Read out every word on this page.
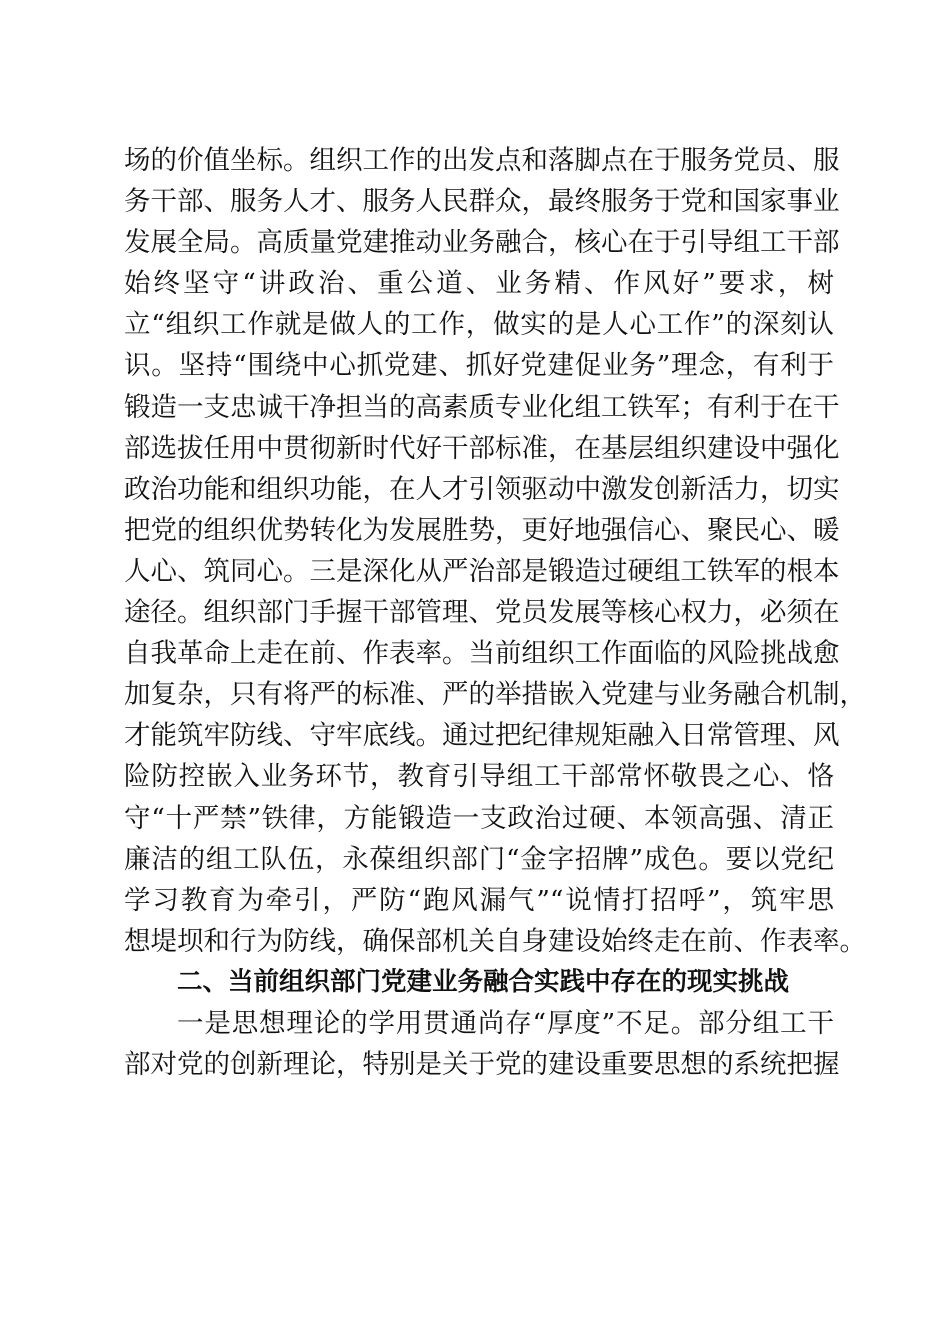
场的价值坐标。组织工作的出发点和落脚点在于服务党员、服
务干部、服务人才、服务人民群众，最终服务于党和国家事业
发展全局。高质量党建推动业务融合，核心在于引导组工干部
始终坚守“讲政治、重公道、业务精、作风好”要求，树
立“组织工作就是做人的工作，做实的是人心工作”的深刻认
识。坚持“围绕中心抓党建、抓好党建促业务”理念，有利于
锻造一支忠诚干净担当的高素质专业化组工铁军；有利于在干
部选拔任用中贯彻新时代好干部标准，在基层组织建设中强化
政治功能和组织功能，在人才引领驱动中激发创新活力，切实
把党的组织优势转化为发展胜势，更好地强信心、聚民心、暖
人心、筑同心。三是深化从严治部是锻造过硬组工铁军的根本
途径。组织部门手握干部管理、党员发展等核心权力，必须在
自我革命上走在前、作表率。当前组织工作面临的风险挑战愈
加复杂，只有将严的标准、严的举措嵌入党建与业务融合机制，
才能筑牢防线、守牢底线。通过把纪律规矩融入日常管理、风
险防控嵌入业务环节，教育引导组工干部常怀敬畏之心、恪
守“十严禁”铁律，方能锻造一支政治过硬、本领高强、清正
廉洁的组工队伍，永葆组织部门“金字招牌”成色。要以党纪
学习教育为牵引，严防“跑风漏气”“说情打招呼”，筑牢思
想堤坝和行为防线，确保部机关自身建设始终走在前、作表率。
二、当前组织部门党建业务融合实践中存在的现实挑战
一是思想理论的学用贯通尚存“厚度”不足。部分组工干
部对党的创新理论，特别是关于党的建设重要思想的系统把握
